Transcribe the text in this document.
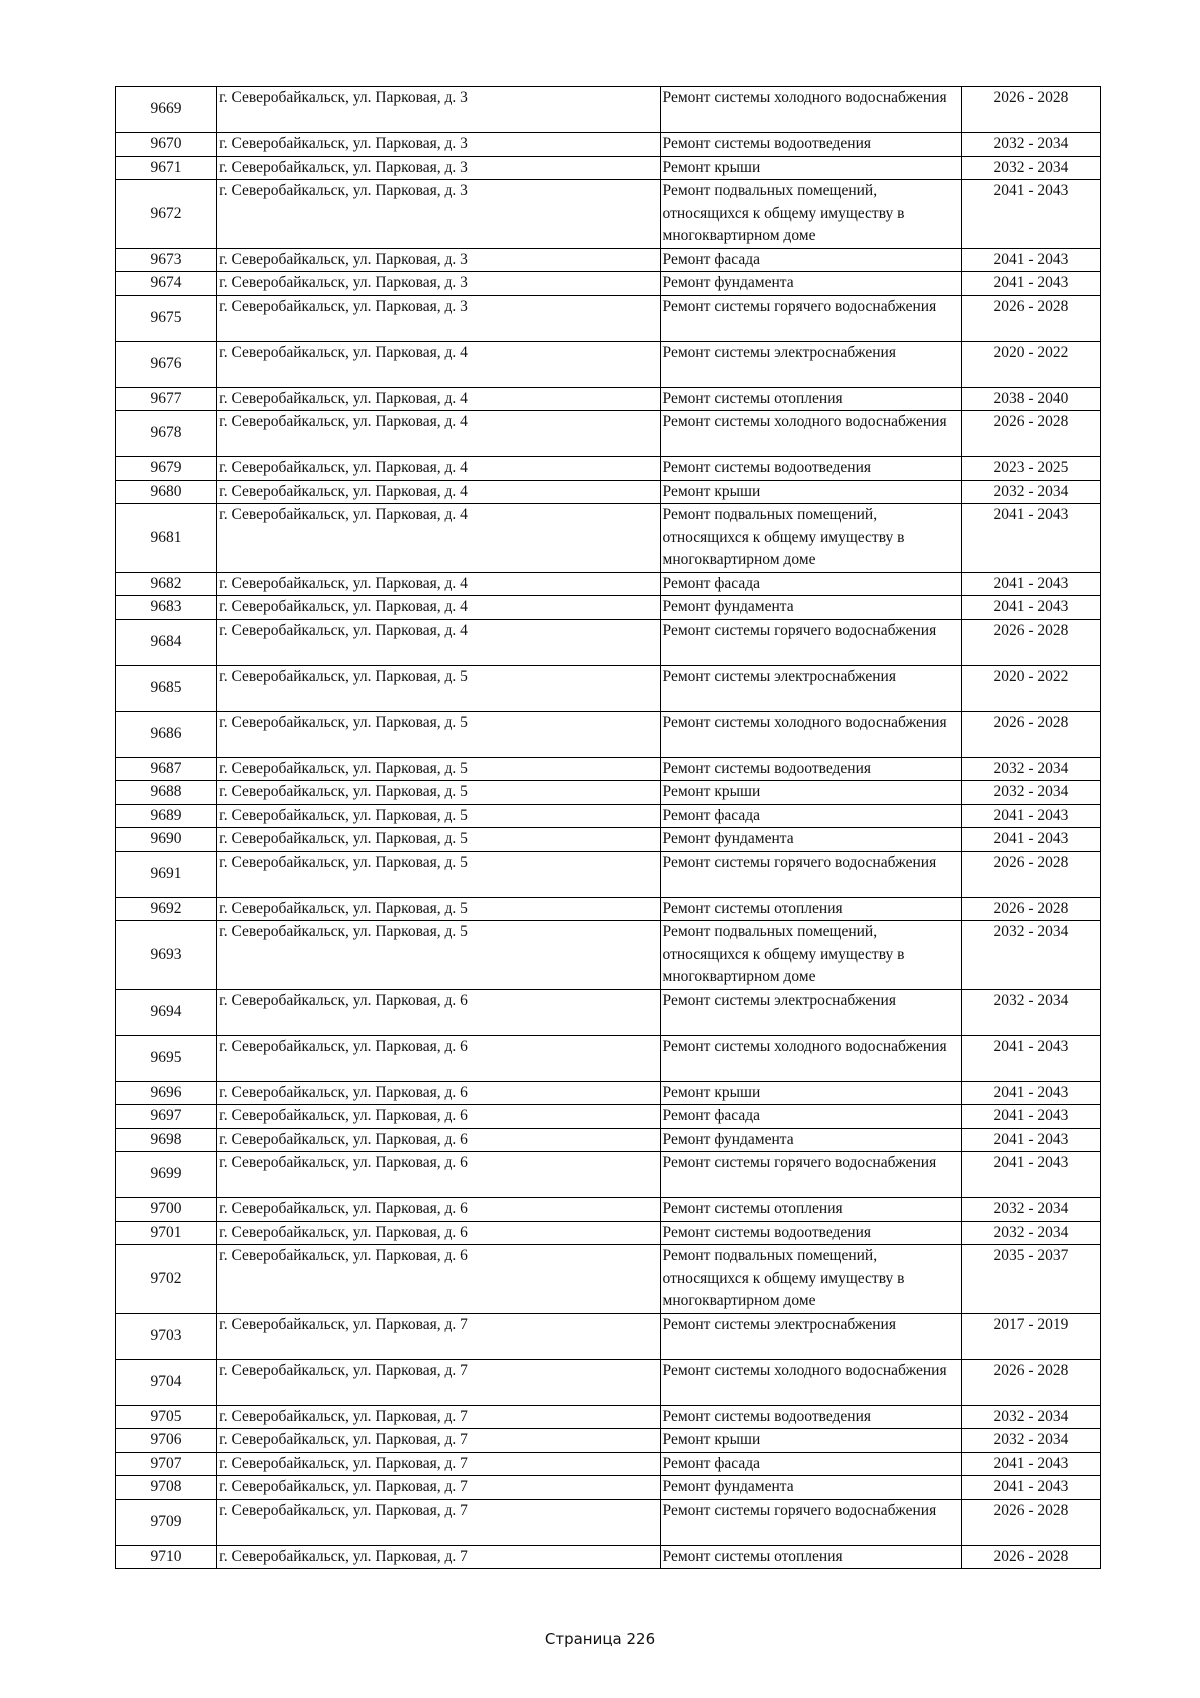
9669	г. Северобайкальск, ул. Парковая, д. 3	Ремонт системы холодного водоснабжения	2026 - 2028
9670	г. Северобайкальск, ул. Парковая, д. 3	Ремонт системы водоотведения	2032 - 2034
9671	г. Северобайкальск, ул. Парковая, д. 3	Ремонт крыши	2032 - 2034
9672	г. Северобайкальск, ул. Парковая, д. 3	Ремонт подвальных помещений, относящихся к общему имуществу в многоквартирном доме	2041 - 2043
9673	г. Северобайкальск, ул. Парковая, д. 3	Ремонт фасада	2041 - 2043
9674	г. Северобайкальск, ул. Парковая, д. 3	Ремонт фундамента	2041 - 2043
9675	г. Северобайкальск, ул. Парковая, д. 3	Ремонт системы горячего водоснабжения	2026 - 2028
9676	г. Северобайкальск, ул. Парковая, д. 4	Ремонт системы электроснабжения	2020 - 2022
9677	г. Северобайкальск, ул. Парковая, д. 4	Ремонт системы отопления	2038 - 2040
9678	г. Северобайкальск, ул. Парковая, д. 4	Ремонт системы холодного водоснабжения	2026 - 2028
9679	г. Северобайкальск, ул. Парковая, д. 4	Ремонт системы водоотведения	2023 - 2025
9680	г. Северобайкальск, ул. Парковая, д. 4	Ремонт крыши	2032 - 2034
9681	г. Северобайкальск, ул. Парковая, д. 4	Ремонт подвальных помещений, относящихся к общему имуществу в многоквартирном доме	2041 - 2043
9682	г. Северобайкальск, ул. Парковая, д. 4	Ремонт фасада	2041 - 2043
9683	г. Северобайкальск, ул. Парковая, д. 4	Ремонт фундамента	2041 - 2043
9684	г. Северобайкальск, ул. Парковая, д. 4	Ремонт системы горячего водоснабжения	2026 - 2028
9685	г. Северобайкальск, ул. Парковая, д. 5	Ремонт системы электроснабжения	2020 - 2022
9686	г. Северобайкальск, ул. Парковая, д. 5	Ремонт системы холодного водоснабжения	2026 - 2028
9687	г. Северобайкальск, ул. Парковая, д. 5	Ремонт системы водоотведения	2032 - 2034
9688	г. Северобайкальск, ул. Парковая, д. 5	Ремонт крыши	2032 - 2034
9689	г. Северобайкальск, ул. Парковая, д. 5	Ремонт фасада	2041 - 2043
9690	г. Северобайкальск, ул. Парковая, д. 5	Ремонт фундамента	2041 - 2043
9691	г. Северобайкальск, ул. Парковая, д. 5	Ремонт системы горячего водоснабжения	2026 - 2028
9692	г. Северобайкальск, ул. Парковая, д. 5	Ремонт системы отопления	2026 - 2028
9693	г. Северобайкальск, ул. Парковая, д. 5	Ремонт подвальных помещений, относящихся к общему имуществу в многоквартирном доме	2032 - 2034
9694	г. Северобайкальск, ул. Парковая, д. 6	Ремонт системы электроснабжения	2032 - 2034
9695	г. Северобайкальск, ул. Парковая, д. 6	Ремонт системы холодного водоснабжения	2041 - 2043
9696	г. Северобайкальск, ул. Парковая, д. 6	Ремонт крыши	2041 - 2043
9697	г. Северобайкальск, ул. Парковая, д. 6	Ремонт фасада	2041 - 2043
9698	г. Северобайкальск, ул. Парковая, д. 6	Ремонт фундамента	2041 - 2043
9699	г. Северобайкальск, ул. Парковая, д. 6	Ремонт системы горячего водоснабжения	2041 - 2043
9700	г. Северобайкальск, ул. Парковая, д. 6	Ремонт системы отопления	2032 - 2034
9701	г. Северобайкальск, ул. Парковая, д. 6	Ремонт системы водоотведения	2032 - 2034
9702	г. Северобайкальск, ул. Парковая, д. 6	Ремонт подвальных помещений, относящихся к общему имуществу в многоквартирном доме	2035 - 2037
9703	г. Северобайкальск, ул. Парковая, д. 7	Ремонт системы электроснабжения	2017 - 2019
9704	г. Северобайкальск, ул. Парковая, д. 7	Ремонт системы холодного водоснабжения	2026 - 2028
9705	г. Северобайкальск, ул. Парковая, д. 7	Ремонт системы водоотведения	2032 - 2034
9706	г. Северобайкальск, ул. Парковая, д. 7	Ремонт крыши	2032 - 2034
9707	г. Северобайкальск, ул. Парковая, д. 7	Ремонт фасада	2041 - 2043
9708	г. Северобайкальск, ул. Парковая, д. 7	Ремонт фундамента	2041 - 2043
9709	г. Северобайкальск, ул. Парковая, д. 7	Ремонт системы горячего водоснабжения	2026 - 2028
9710	г. Северобайкальск, ул. Парковая, д. 7	Ремонт системы отопления	2026 - 2028
Страница 226
